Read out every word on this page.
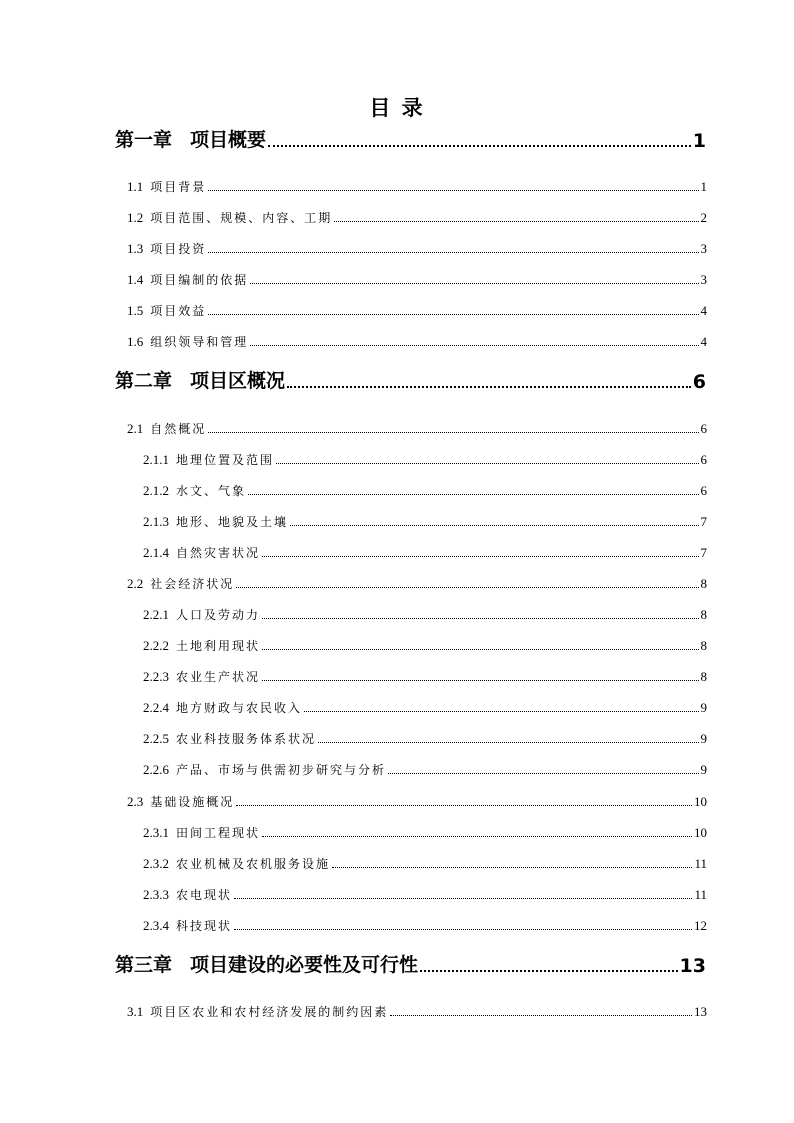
目 录
第一章 项目概要	1
1.1 项目背景	1
1.2 项目范围、规模、内容、工期	2
1.3 项目投资	3
1.4 项目编制的依据	3
1.5 项目效益	4
1.6 组织领导和管理	4
第二章 项目区概况	6
2.1 自然概况	6
2.1.1 地理位置及范围	6
2.1.2 水文、气象	6
2.1.3 地形、地貌及土壤	7
2.1.4 自然灾害状况	7
2.2 社会经济状况	8
2.2.1 人口及劳动力	8
2.2.2 土地利用现状	8
2.2.3 农业生产状况	8
2.2.4 地方财政与农民收入	9
2.2.5 农业科技服务体系状况	9
2.2.6 产品、市场与供需初步研究与分析	9
2.3 基础设施概况	10
2.3.1 田间工程现状	10
2.3.2 农业机械及农机服务设施	11
2.3.3 农电现状	11
2.3.4 科技现状	12
第三章 项目建设的必要性及可行性	13
3.1 项目区农业和农村经济发展的制约因素	13
